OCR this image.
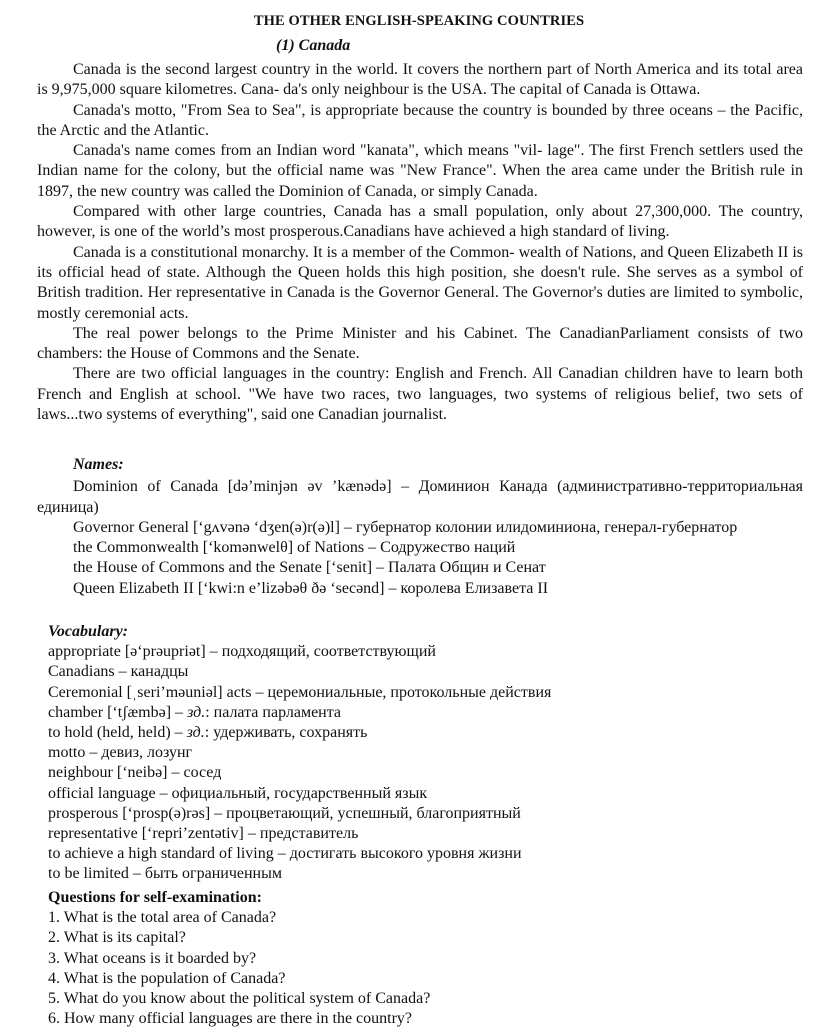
THE OTHER ENGLISH-SPEAKING COUNTRIES
(1) Canada

Canada is the second largest country in the world. It covers the northern part of North America and its total area is 9,975,000 square kilometres. Cana- da's only neighbour is the USA. The capital of Canada is Ottawa.

Canada's motto, "From Sea to Sea", is appropriate because the country is bounded by three oceans – the Pacific, the Arctic and the Atlantic.

Canada's name comes from an Indian word "kanata", which means "vil- lage". The first French settlers used the Indian name for the colony, but the official name was "New France". When the area came under the British rule in 1897, the new country was called the Dominion of Canada, or simply Canada.

Compared with other large countries, Canada has a small population, only about 27,300,000. The country, however, is one of the world’s most prosperous.Canadians have achieved a high standard of living.

Canada is a constitutional monarchy. It is a member of the Common- wealth of Nations, and Queen Elizabeth II is its official head of state. Although the Queen holds this high position, she doesn't rule. She serves as a symbol of British tradition. Her representative in Canada is the Governor General. The Governor's duties are limited to symbolic, mostly ceremonial acts.

The real power belongs to the Prime Minister and his Cabinet. The CanadianParliament consists of two chambers: the House of Commons and the Senate.

There are two official languages in the country: English and French. All Canadian children have to learn both French and English at school. "We have two races, two languages, two systems of religious belief, two sets of laws...two systems of everything", said one Canadian journalist.

Names:

Dominion of Canada [də’minjən əv ’kænədə] – Доминион Канада (административно-территориальная единица)

Governor General [‘gʌvənə ‘dʒen(ə)r(ə)l] – губернатор колонии илидоминиона, генерал-губернатор

the Commonwealth [‘komənwelθ] of Nations – Содружество наций

the House of Commons and the Senate [‘senit] – Палата Общин и Сенат

Queen Elizabeth II [‘kwi:n e’lizəbəθ ðə ‘secənd] – королева Елизавета II

Vocabulary:

appropriate [ə‘prəupriət] – подходящий, соответствующий

Canadians – канадцы

Ceremonial [ˌseri’məuniəl] acts – церемониальные, протокольные действия

chamber [‘tʃæmbə] – зд.: палата парламента

to hold (held, held) – зд.: удерживать, сохранять

motto – девиз, лозунг

neighbour [‘neibə] – сосед

official language – официальный, государственный язык

prosperous [‘prosp(ə)rəs] – процветающий, успешный, благоприятный

representative [‘repri’zentətiv] – представитель

to achieve a high standard of living – достигать высокого уровня жизни

to be limited – быть ограниченным

Questions for self-examination:
1. What is the total area of Canada?
2. What is its capital?
3. What oceans is it boarded by?
4. What is the population of Canada?
5. What do you know about the political system of Canada?
6. How many official languages are there in the country?
